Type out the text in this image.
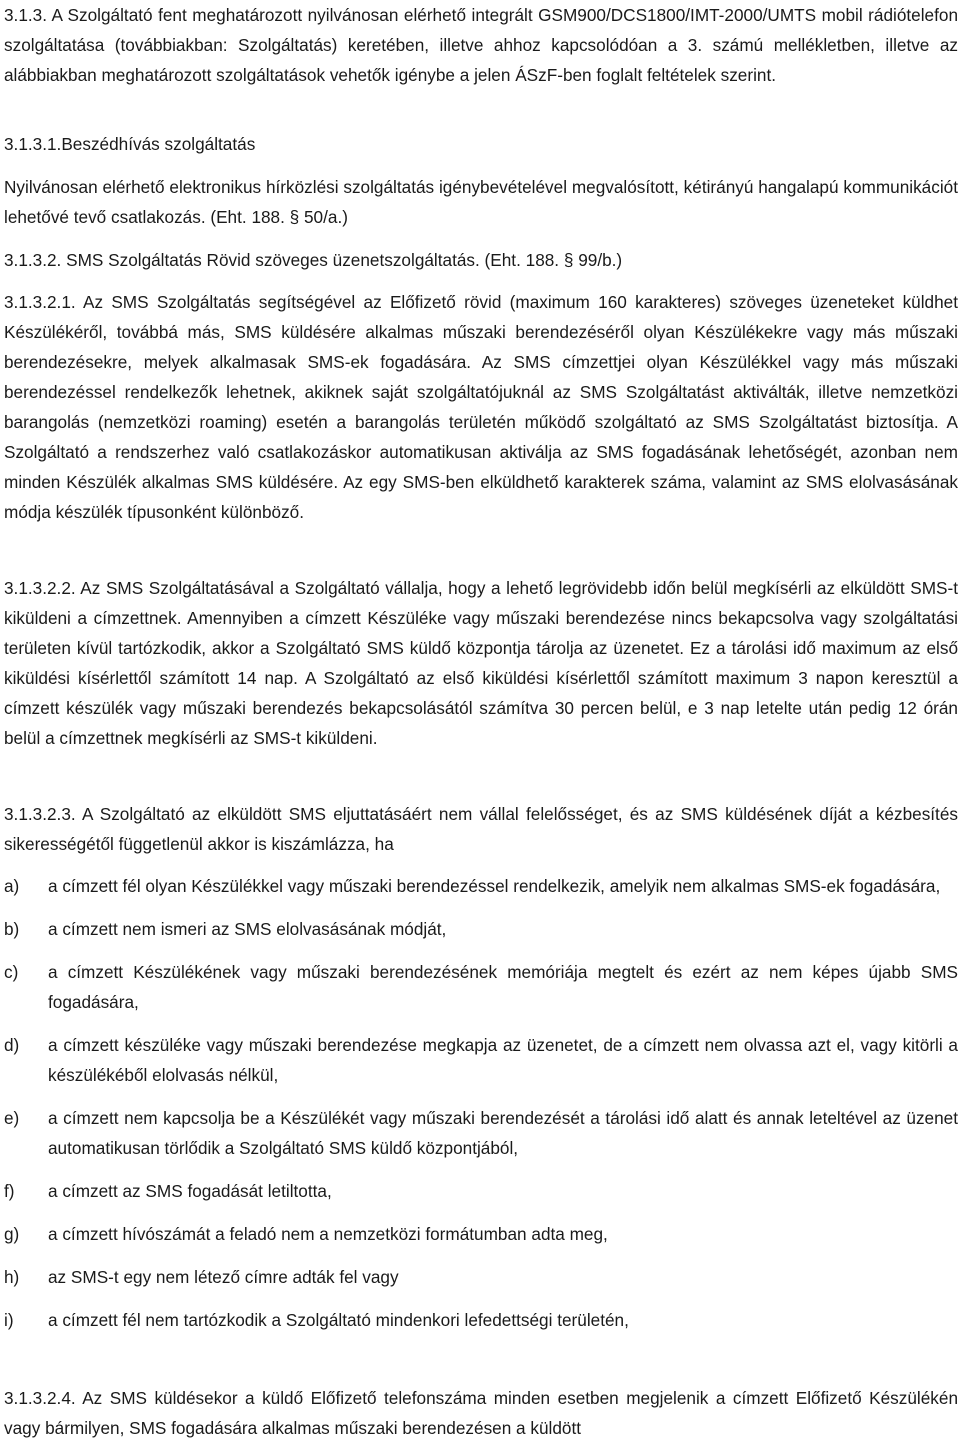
3.1.3. A Szolgáltató fent meghatározott nyilvánosan elérhető integrált GSM900/DCS1800/IMT-2000/UMTS mobil rádiótelefon szolgáltatása (továbbiakban: Szolgáltatás) keretében, illetve ahhoz kapcsolódóan a 3. számú mellékletben, illetve az alábbiakban meghatározott szolgáltatások vehetők igénybe a jelen ÁSzF-ben foglalt feltételek szerint.

3.1.3.1.Beszédhívás szolgáltatás

Nyilvánosan elérhető elektronikus hírközlési szolgáltatás igénybevételével megvalósított, kétirányú hangalapú kommunikációt lehetővé tevő csatlakozás. (Eht. 188. § 50/a.)

3.1.3.2. SMS Szolgáltatás Rövid szöveges üzenetszolgáltatás. (Eht. 188. § 99/b.)

3.1.3.2.1. Az SMS Szolgáltatás segítségével az Előfizető rövid (maximum 160 karakteres) szöveges üzeneteket küldhet Készülékéről, továbbá más, SMS küldésére alkalmas műszaki berendezéséről olyan Készülékekre vagy más műszaki berendezésekre, melyek alkalmasak SMS-ek fogadására. Az SMS címzettjei olyan Készülékkel vagy más műszaki berendezéssel rendelkezők lehetnek, akiknek saját szolgáltatójuknál az SMS Szolgáltatást aktiválták, illetve nemzetközi barangolás (nemzetközi roaming) esetén a barangolás területén működő szolgáltató az SMS Szolgáltatást biztosítja. A Szolgáltató a rendszerhez való csatlakozáskor automatikusan aktiválja az SMS fogadásának lehetőségét, azonban nem minden Készülék alkalmas SMS küldésére. Az egy SMS-ben elküldhető karakterek száma, valamint az SMS elolvasásának módja készülék típusonként különböző.

3.1.3.2.2. Az SMS Szolgáltatásával a Szolgáltató vállalja, hogy a lehető legrövidebb időn belül megkísérli az elküldött SMS-t kiküldeni a címzettnek. Amennyiben a címzett Készüléke vagy műszaki berendezése nincs bekapcsolva vagy szolgáltatási területen kívül tartózkodik, akkor a Szolgáltató SMS küldő központja tárolja az üzenetet. Ez a tárolási idő maximum az első kiküldési kísérlettől számított 14 nap. A Szolgáltató az első kiküldési kísérlettől számított maximum 3 napon keresztül a címzett készülék vagy műszaki berendezés bekapcsolásától számítva 30 percen belül, e 3 nap letelte után pedig 12 órán belül a címzettnek megkísérli az SMS-t kiküldeni.

3.1.3.2.3. A Szolgáltató az elküldött SMS eljuttatásáért nem vállal felelősséget, és az SMS küldésének díját a kézbesítés sikerességétől függetlenül akkor is kiszámlázza, ha

a)	a címzett fél olyan Készülékkel vagy műszaki berendezéssel rendelkezik, amelyik nem alkalmas SMS-ek fogadására,
b)	a címzett nem ismeri az SMS elolvasásának módját,
c)	a címzett Készülékének vagy műszaki berendezésének memóriája megtelt és ezért az nem képes újabb SMS fogadására,
d)	a címzett készüléke vagy műszaki berendezése megkapja az üzenetet, de a címzett nem olvassa azt el, vagy kitörli a készülékéből elolvasás nélkül,
e)	a címzett nem kapcsolja be a Készülékét vagy műszaki berendezését a tárolási idő alatt és annak leteltével az üzenet automatikusan törlődik a Szolgáltató SMS küldő központjából,
f)	a címzett az SMS fogadását letiltotta,
g)	a címzett hívószámát a feladó nem a nemzetközi formátumban adta meg,
h)	az SMS-t egy nem létező címre adták fel vagy
i)	a címzett fél nem tartózkodik a Szolgáltató mindenkori lefedettségi területén,

3.1.3.2.4. Az SMS küldésekor a küldő Előfizető telefonszáma minden esetben megjelenik a címzett Előfizető Készülékén vagy bármilyen, SMS fogadására alkalmas műszaki berendezésen a küldött
